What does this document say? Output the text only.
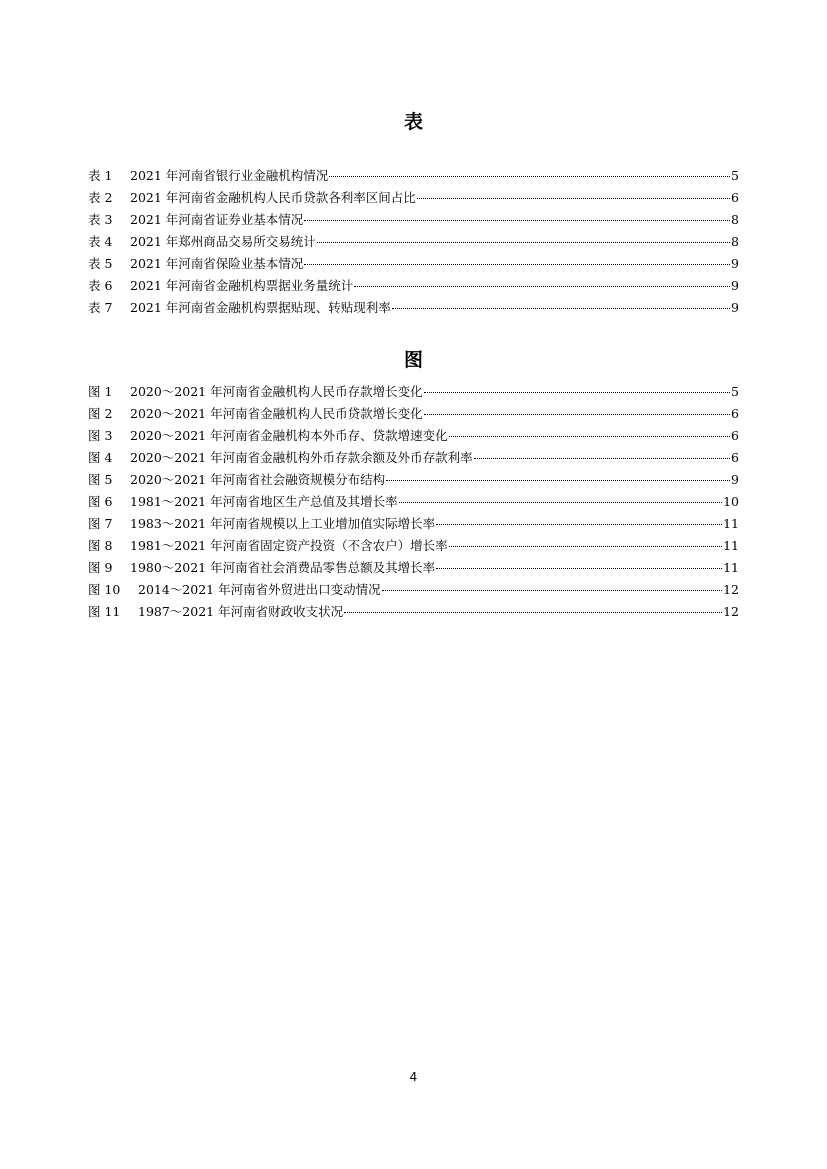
表
表 1	2021 年河南省银行业金融机构情况	5
表 2	2021 年河南省金融机构人民币贷款各利率区间占比	6
表 3	2021 年河南省证券业基本情况	8
表 4	2021 年郑州商品交易所交易统计	8
表 5	2021 年河南省保险业基本情况	9
表 6	2021 年河南省金融机构票据业务量统计	9
表 7	2021 年河南省金融机构票据贴现、转贴现利率	9
图
图 1	2020～2021 年河南省金融机构人民币存款增长变化	5
图 2	2020～2021 年河南省金融机构人民币贷款增长变化	6
图 3	2020～2021 年河南省金融机构本外币存、贷款增速变化	6
图 4	2020～2021 年河南省金融机构外币存款余额及外币存款利率	6
图 5	2020～2021 年河南省社会融资规模分布结构	9
图 6	1981～2021 年河南省地区生产总值及其增长率	10
图 7	1983～2021 年河南省规模以上工业增加值实际增长率	11
图 8	1981～2021 年河南省固定资产投资（不含农户）增长率	11
图 9	1980～2021 年河南省社会消费品零售总额及其增长率	11
图 10	2014～2021 年河南省外贸进出口变动情况	12
图 11	1987～2021 年河南省财政收支状况	12
4
